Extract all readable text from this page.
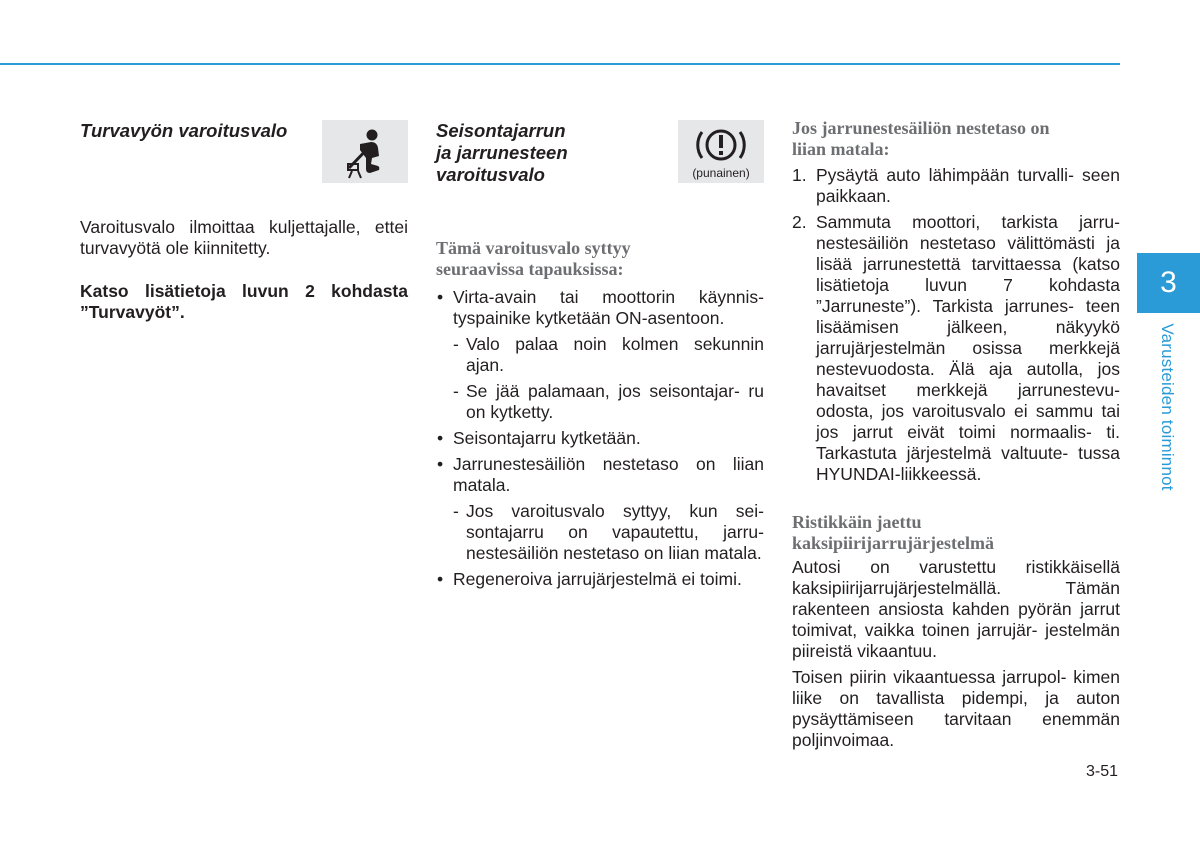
Turvavyön varoitusvalo

Varoitusvalo ilmoittaa kuljettajalle, ettei turvavyötä ole kiinnitetty.

Katso lisätietoja luvun 2 kohdasta ”Turvavyöt”.

Seisontajarrun
ja jarrunesteen
varoitusvalo
Tämä varoitusvalo syttyy
seuraavissa tapauksissa:
• Virta-avain tai moottorin käynnis- tyspainike kytketään ON-asentoon.
- Valo palaa noin kolmen sekunnin ajan.
- Se jää palamaan, jos seisontajar- ru on kytketty.
• Seisontajarru kytketään.
• Jarrunestesäiliön nestetaso on liian matala.
- Jos varoitusvalo syttyy, kun sei- sontajarru on vapautettu, jarru- nestesäiliön nestetaso on liian matala.
• Regeneroiva jarrujärjestelmä ei toimi.
(punainen)
Jos jarrunestesäiliön nestetaso on
liian matala:
1. Pysäytä auto lähimpään turvalli- seen paikkaan.
2. Sammuta moottori, tarkista jarru- nestesäiliön nestetaso välittömästi ja lisää jarrunestettä tarvittaessa (katso lisätietoja luvun 7 kohdasta ”Jarruneste”). Tarkista jarrunes- teen lisäämisen jälkeen, näkyykö jarrujärjestelmän osissa merkkejä nestevuodosta. Älä aja autolla, jos havaitset merkkejä jarrunestevu- odosta, jos varoitusvalo ei sammu tai jos jarrut eivät toimi normaalis- ti. Tarkastuta järjestelmä valtuute- tussa HYUNDAI-liikkeessä.
Ristikkäin jaettu
kaksipiirijarrujärjestelmä

Autosi on varustettu ristikkäisellä kaksipiirijarrujärjestelmällä. Tämän rakenteen ansiosta kahden pyörän jarrut toimivat, vaikka toinen jarrujär- jestelmän piireistä vikaantuu.

Toisen piirin vikaantuessa jarrupol- kimen liike on tavallista pidempi, ja auton pysäyttämiseen tarvitaan enemmän poljinvoimaa.

3
Varusteiden toiminnot
3-51
